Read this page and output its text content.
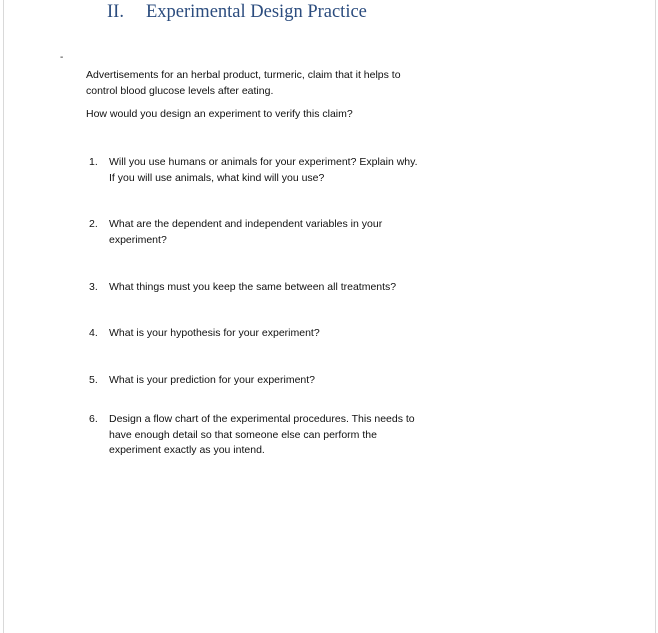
II. Experimental Design Practice
-
Advertisements for an herbal product, turmeric, claim that it helps to
control blood glucose levels after eating.
How would you design an experiment to verify this claim?
1. Will you use humans or animals for your experiment? Explain why.
If you will use animals, what kind will you use?
2. What are the dependent and independent variables in your
experiment?
3. What things must you keep the same between all treatments?
4. What is your hypothesis for your experiment?
5. What is your prediction for your experiment?
6. Design a flow chart of the experimental procedures. This needs to
have enough detail so that someone else can perform the
experiment exactly as you intend.
